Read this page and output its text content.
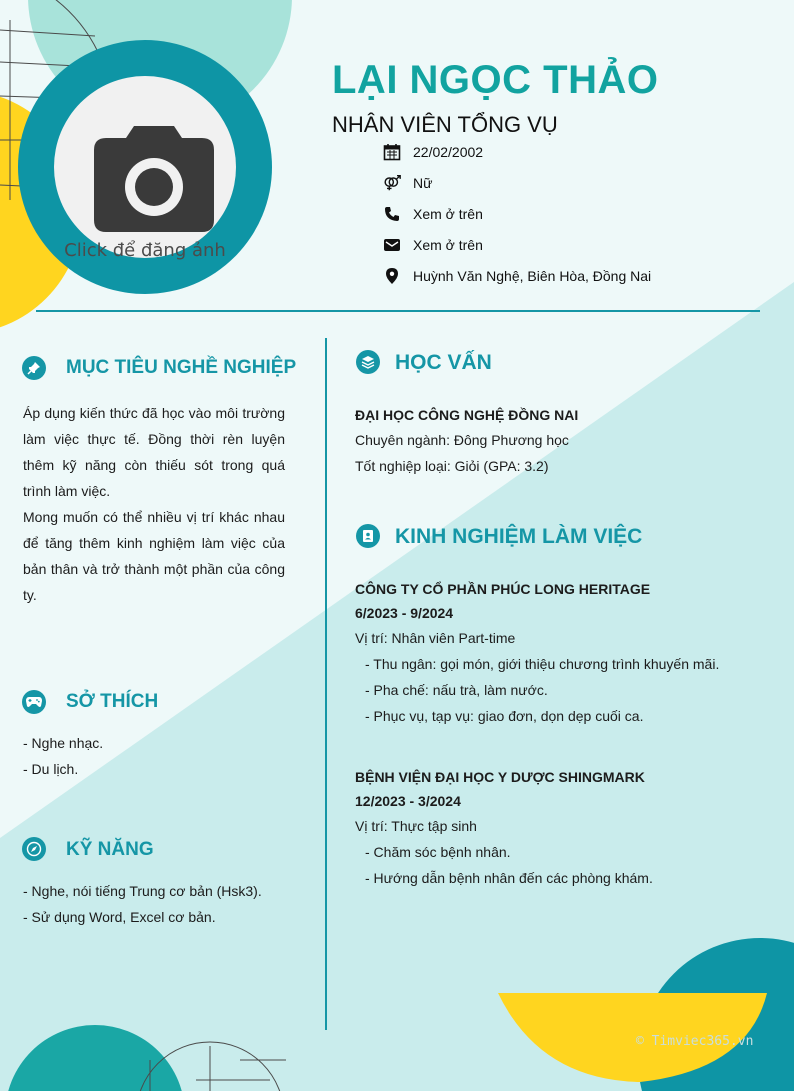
Click để đăng ảnh
LẠI NGỌC THẢO
NHÂN VIÊN TỔNG VỤ
22/02/2002
Nữ
Xem ở trên
Xem ở trên
Huỳnh Văn Nghệ, Biên Hòa, Đồng Nai
MỤC TIÊU NGHỀ NGHIỆP

Áp dụng kiến thức đã học vào môi trường làm việc thực tế. Đồng thời rèn luyện thêm kỹ năng còn thiếu sót trong quá trình làm việc.

Mong muốn có thể nhiều vị trí khác nhau để tăng thêm kinh nghiệm làm việc của bản thân và trở thành một phần của công ty.

SỞ THÍCH
- Nghe nhạc.
- Du lịch.
KỸ NĂNG
- Nghe, nói tiếng Trung cơ bản (Hsk3).
- Sử dụng Word, Excel cơ bản.
HỌC VẤN
ĐẠI HỌC CÔNG NGHỆ ĐỒNG NAI
Chuyên ngành: Đông Phương học
Tốt nghiệp loại: Giỏi (GPA: 3.2)
KINH NGHIỆM LÀM VIỆC
CÔNG TY CỔ PHẦN PHÚC LONG HERITAGE
6/2023 - 9/2024
Vị trí: Nhân viên Part-time
- Thu ngân: gọi món, giới thiệu chương trình khuyến mãi.
- Pha chế: nấu trà, làm nước.
- Phục vụ, tạp vụ: giao đơn, dọn dẹp cuối ca.
BỆNH VIỆN ĐẠI HỌC Y DƯỢC SHINGMARK
12/2023 - 3/2024
Vị trí: Thực tập sinh
- Chăm sóc bệnh nhân.
- Hướng dẫn bệnh nhân đến các phòng khám.
© Timviec365.vn
